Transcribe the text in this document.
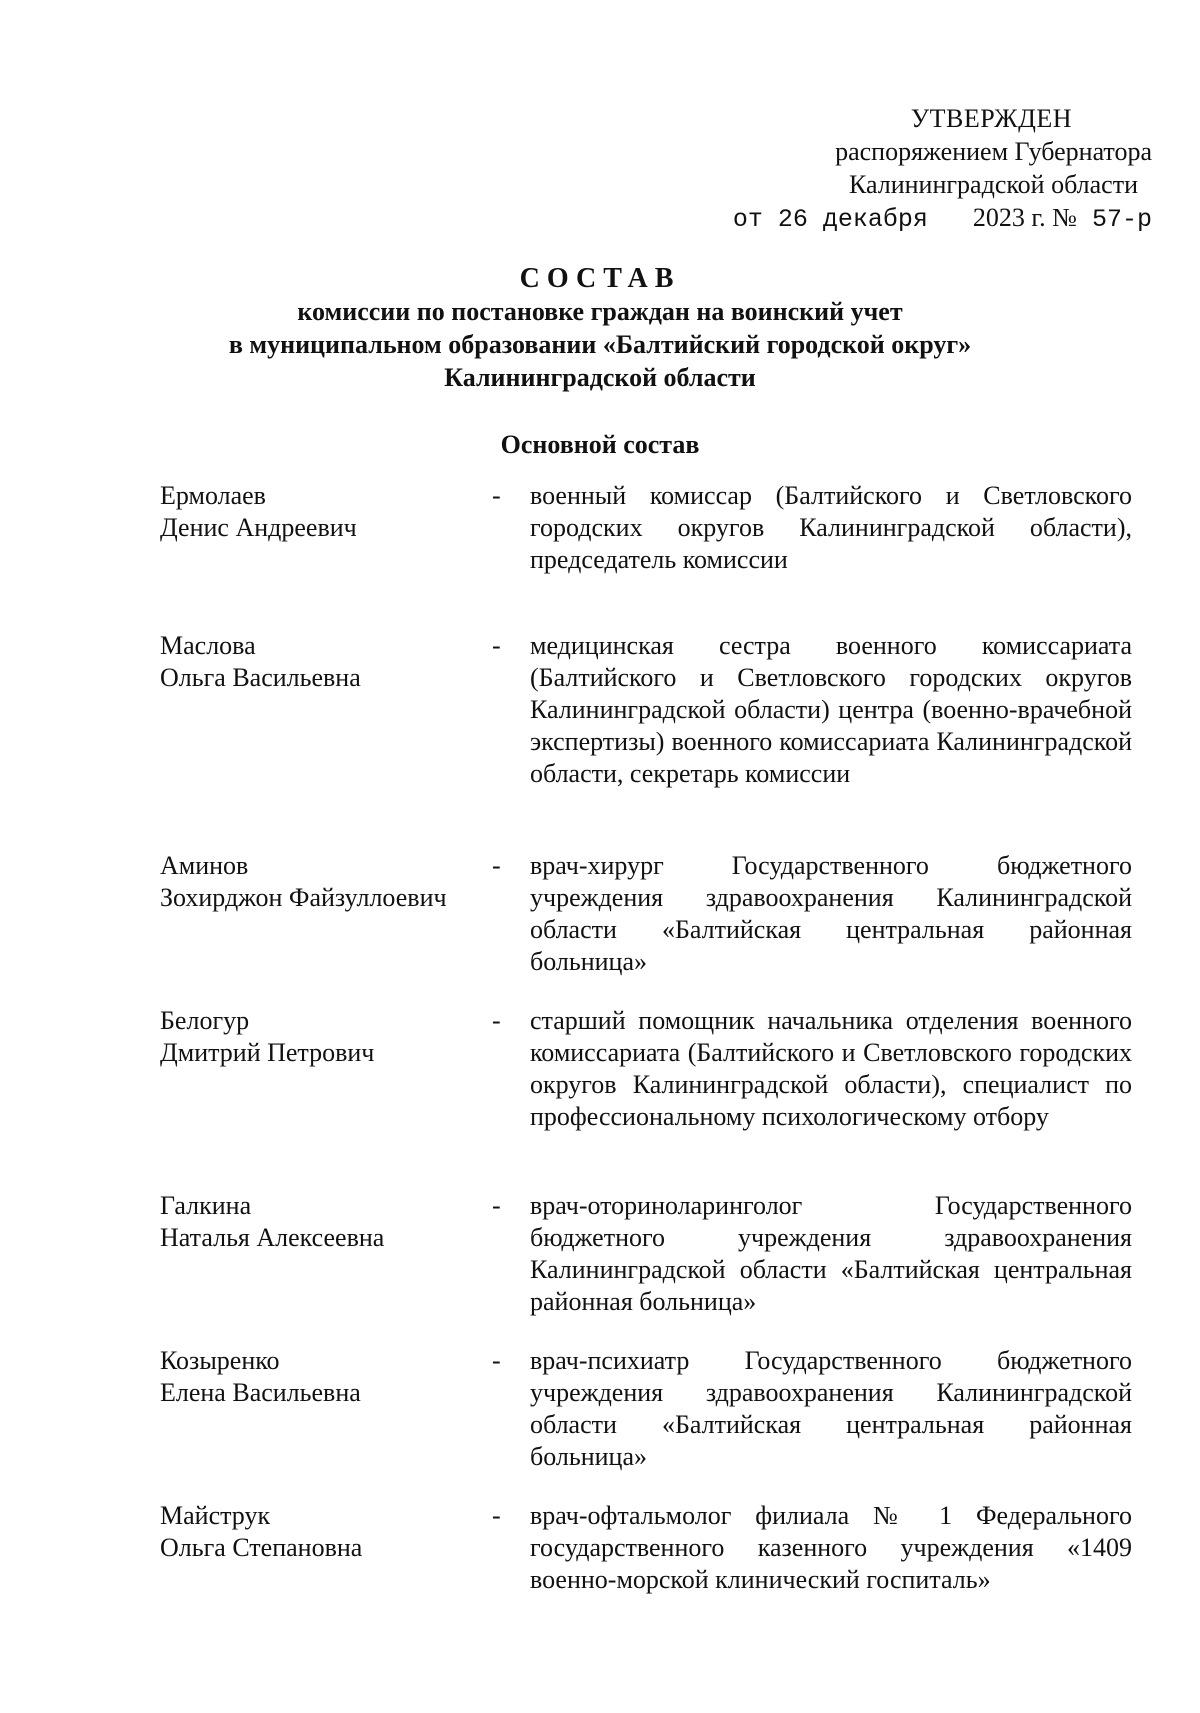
УТВЕРЖДЕН
распоряжением Губернатора
Калининградской области
от 26 декабря 2023 г. № 57-р
СОСТАВ
комиссии по постановке граждан на воинский учет
в муниципальном образовании «Балтийский городской округ»
Калининградской области
Основной состав
Ермолаев
Денис Андреевич
- военный комиссар (Балтийского и Светловского городских округов Калининградской области), председатель комиссии
Маслова
Ольга Васильевна
- медицинская сестра военного комиссариата (Балтийского и Светловского городских округов Калининградской области) центра (военно-врачебной экспертизы) военного комиссариата Калининградской области, секретарь комиссии
Аминов
Зохирджон Файзуллоевич
- врач-хирург Государственного бюджетного учреждения здравоохранения Калининградской области «Балтийская центральная районная больница»
Белогур
Дмитрий Петрович
- старший помощник начальника отделения военного комиссариата (Балтийского и Светловского городских округов Калининградской области), специалист по профессиональному психологическому отбору
Галкина
Наталья Алексеевна
- врач-оториноларинголог Государственного бюджетного учреждения здравоохранения Калининградской области «Балтийская центральная районная больница»
Козыренко
Елена Васильевна
- врач-психиатр Государственного бюджетного учреждения здравоохранения Калининградской области «Балтийская центральная районная больница»
Майструк
Ольга Степановна
- врач-офтальмолог филиала № 1 Федерального государственного казенного учреждения «1409 военно-морской клинический госпиталь»
